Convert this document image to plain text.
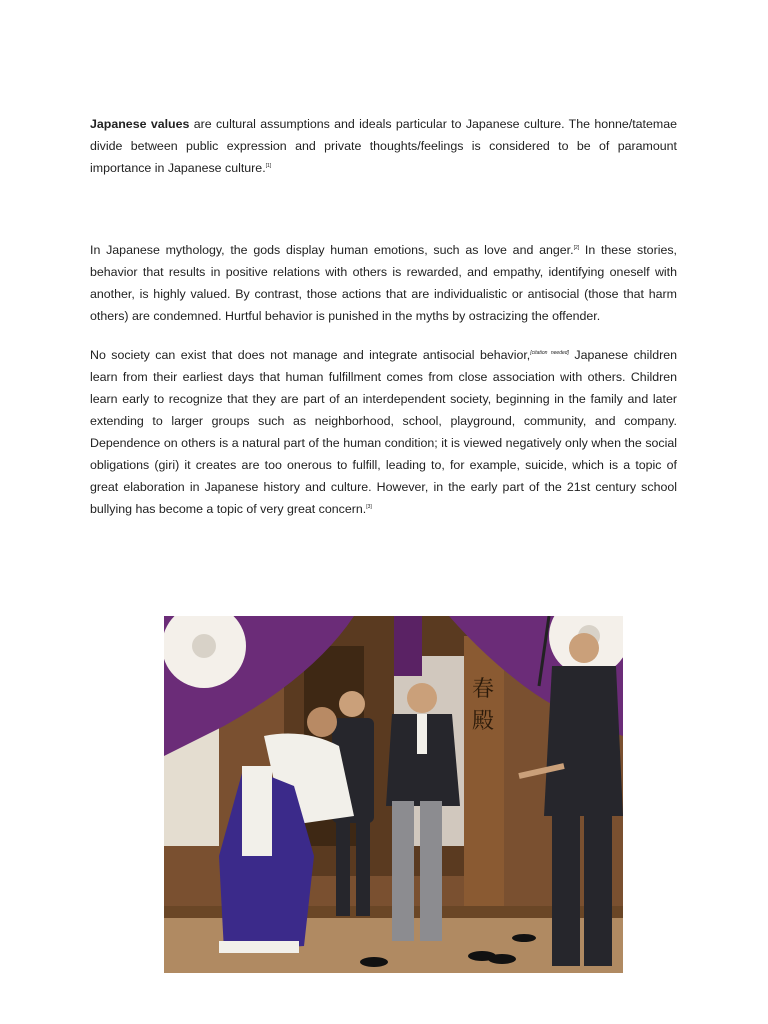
Japanese values are cultural assumptions and ideals particular to Japanese culture. The honne/tatemae divide between public expression and private thoughts/feelings is considered to be of paramount importance in Japanese culture.[1]

In Japanese mythology, the gods display human emotions, such as love and anger.[2] In these stories, behavior that results in positive relations with others is rewarded, and empathy, identifying oneself with another, is highly valued. By contrast, those actions that are individualistic or antisocial (those that harm others) are condemned. Hurtful behavior is punished in the myths by ostracizing the offender.

No society can exist that does not manage and integrate antisocial behavior,[citation needed] Japanese children learn from their earliest days that human fulfillment comes from close association with others. Children learn early to recognize that they are part of an interdependent society, beginning in the family and later extending to larger groups such as neighborhood, school, playground, community, and company. Dependence on others is a natural part of the human condition; it is viewed negatively only when the social obligations (giri) it creates are too onerous to fulfill, leading to, for example, suicide, which is a topic of great elaboration in Japanese history and culture. However, in the early part of the 21st century school bullying has become a topic of very great concern.[3]

春
殿
